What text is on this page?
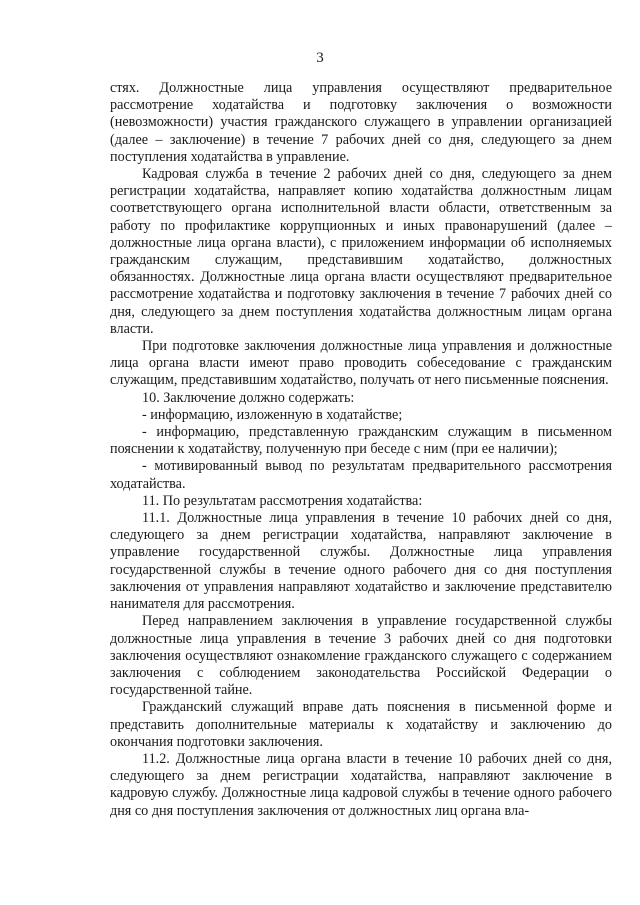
3

стях. Должностные лица управления осуществляют предварительное рассмотрение ходатайства и подготовку заключения о возможности (невозможности) участия гражданского служащего в управлении организацией (далее – заключение) в течение 7 рабочих дней со дня, следующего за днем поступления ходатайства в управление.

Кадровая служба в течение 2 рабочих дней со дня, следующего за днем регистрации ходатайства, направляет копию ходатайства должностным лицам соответствующего органа исполнительной власти области, ответственным за работу по профилактике коррупционных и иных правонарушений (далее – должностные лица органа власти), с приложением информации об исполняемых гражданским служащим, представившим ходатайство, должностных обязанностях. Должностные лица органа власти осуществляют предварительное рассмотрение ходатайства и подготовку заключения в течение 7 рабочих дней со дня, следующего за днем поступления ходатайства должностным лицам органа власти.

При подготовке заключения должностные лица управления и должностные лица органа власти имеют право проводить собеседование с гражданским служащим, представившим ходатайство, получать от него письменные пояснения.

10. Заключение должно содержать:

- информацию, изложенную в ходатайстве;

- информацию, представленную гражданским служащим в письменном пояснении к ходатайству, полученную при беседе с ним (при ее наличии);

- мотивированный вывод по результатам предварительного рассмотрения ходатайства.

11. По результатам рассмотрения ходатайства:

11.1. Должностные лица управления в течение 10 рабочих дней со дня, следующего за днем регистрации ходатайства, направляют заключение в управление государственной службы. Должностные лица управления государственной службы в течение одного рабочего дня со дня поступления заключения от управления направляют ходатайство и заключение представителю нанимателя для рассмотрения.

Перед направлением заключения в управление государственной службы должностные лица управления в течение 3 рабочих дней со дня подготовки заключения осуществляют ознакомление гражданского служащего с содержанием заключения с соблюдением законодательства Российской Федерации о государственной тайне.

Гражданский служащий вправе дать пояснения в письменной форме и представить дополнительные материалы к ходатайству и заключению до окончания подготовки заключения.

11.2. Должностные лица органа власти в течение 10 рабочих дней со дня, следующего за днем регистрации ходатайства, направляют заключение в кадровую службу. Должностные лица кадровой службы в течение одного рабочего дня со дня поступления заключения от должностных лиц органа вла-
